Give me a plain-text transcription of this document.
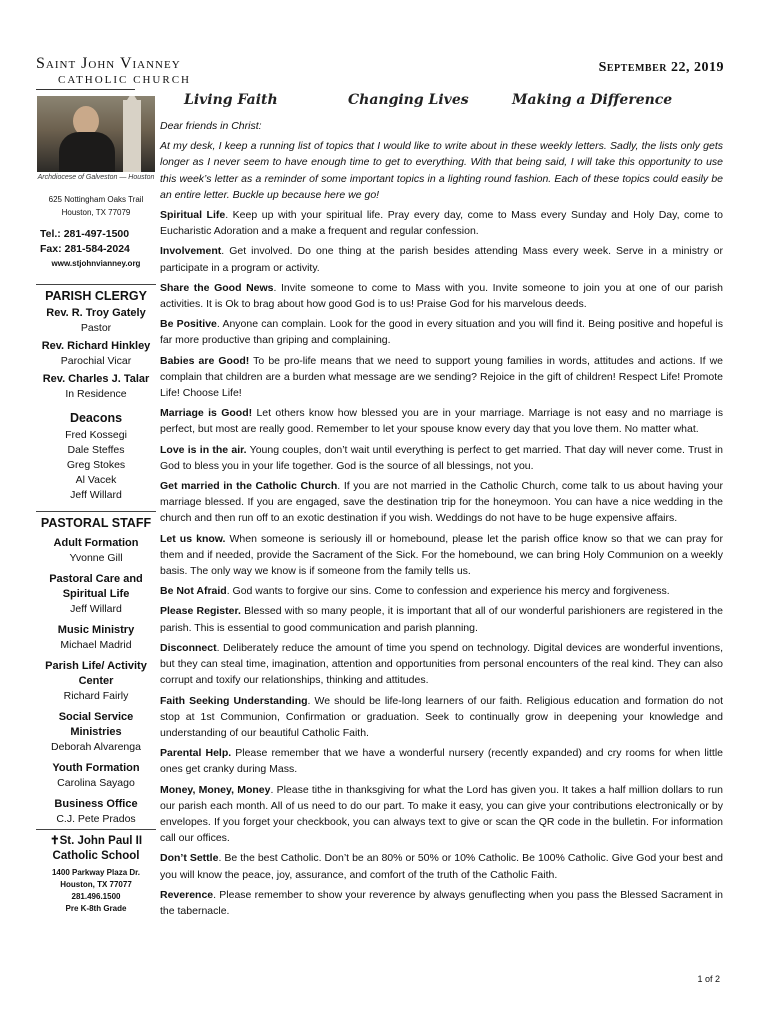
Saint John Vianney
CATHOLIC CHURCH
September 22, 2019
Living Faith	Changing Lives	Making a Difference
Archdiocese of Galveston — Houston
625 Nottingham Oaks Trail
Houston, TX 77079
Tel.: 281-497-1500
Fax: 281-584-2024
www.stjohnvianney.org
PARISH CLERGY
Rev. R. Troy Gately
Pastor
Rev. Richard Hinkley
Parochial Vicar
Rev. Charles J. Talar
In Residence
Deacons
Fred Kossegi
Dale Steffes
Greg Stokes
Al Vacek
Jeff Willard
PASTORAL STAFF
Adult Formation
Yvonne Gill
Pastoral Care and Spiritual Life
Jeff Willard
Music Ministry
Michael Madrid
Parish Life/ Activity Center
Richard Fairly
Social Service Ministries
Deborah Alvarenga
Youth Formation
Carolina Sayago
Business Office
C.J. Pete Prados
✝St. John Paul II Catholic School
1400 Parkway Plaza Dr.
Houston, TX 77077
281.496.1500
Pre K-8th Grade

Dear friends in Christ:

At my desk, I keep a running list of topics that I would like to write about in these weekly letters. Sadly, the lists only gets longer as I never seem to have enough time to get to everything. With that being said, I will take this opportunity to use this week’s letter as a reminder of some important topics in a lighting round fashion. Each of these topics could easily be an entire letter. Buckle up because here we go!

Spiritual Life. Keep up with your spiritual life. Pray every day, come to Mass every Sunday and Holy Day, come to Eucharistic Adoration and a make a frequent and regular confession.

Involvement. Get involved. Do one thing at the parish besides attending Mass every week. Serve in a ministry or participate in a program or activity.

Share the Good News. Invite someone to come to Mass with you. Invite someone to join you at one of our parish activities. It is Ok to brag about how good God is to us! Praise God for his marvelous deeds.

Be Positive. Anyone can complain. Look for the good in every situation and you will find it. Being positive and hopeful is far more productive than griping and complaining.

Babies are Good! To be pro-life means that we need to support young families in words, attitudes and actions. If we complain that children are a burden what message are we sending? Rejoice in the gift of children! Respect Life! Promote Life! Choose Life!

Marriage is Good! Let others know how blessed you are in your marriage. Marriage is not easy and no marriage is perfect, but most are really good. Remember to let your spouse know every day that you love them. No matter what.

Love is in the air. Young couples, don’t wait until everything is perfect to get married. That day will never come. Trust in God to bless you in your life together. God is the source of all blessings, not you.

Get married in the Catholic Church. If you are not married in the Catholic Church, come talk to us about having your marriage blessed. If you are engaged, save the destination trip for the honeymoon. You can have a nice wedding in the church and then run off to an exotic destination if you wish. Weddings do not have to be huge expensive affairs.

Let us know. When someone is seriously ill or homebound, please let the parish office know so that we can pray for them and if needed, provide the Sacrament of the Sick. For the homebound, we can bring Holy Communion on a weekly basis. The only way we know is if someone from the family tells us.

Be Not Afraid. God wants to forgive our sins. Come to confession and experience his mercy and forgiveness.

Please Register. Blessed with so many people, it is important that all of our wonderful parishioners are registered in the parish. This is essential to good communication and parish planning.

Disconnect. Deliberately reduce the amount of time you spend on technology. Digital devices are wonderful inventions, but they can steal time, imagination, attention and opportunities from personal encounters of the real kind. They can also corrupt and toxify our relationships, thinking and attitudes.

Faith Seeking Understanding. We should be life-long learners of our faith. Religious education and formation do not stop at 1st Communion, Confirmation or graduation. Seek to continually grow in deepening your knowledge and understanding of our beautiful Catholic Faith.

Parental Help. Please remember that we have a wonderful nursery (recently expanded) and cry rooms for when little ones get cranky during Mass.

Money, Money, Money. Please tithe in thanksgiving for what the Lord has given you. It takes a half million dollars to run our parish each month. All of us need to do our part. To make it easy, you can give your contributions electronically or by envelopes. If you forget your checkbook, you can always text to give or scan the QR code in the bulletin. For information call our offices.

Don’t Settle. Be the best Catholic. Don’t be an 80% or 50% or 10% Catholic. Be 100% Catholic. Give God your best and you will know the peace, joy, assurance, and comfort of the truth of the Catholic Faith.

Reverence. Please remember to show your reverence by always genuflecting when you pass the Blessed Sacrament in the tabernacle.

1 of 2
